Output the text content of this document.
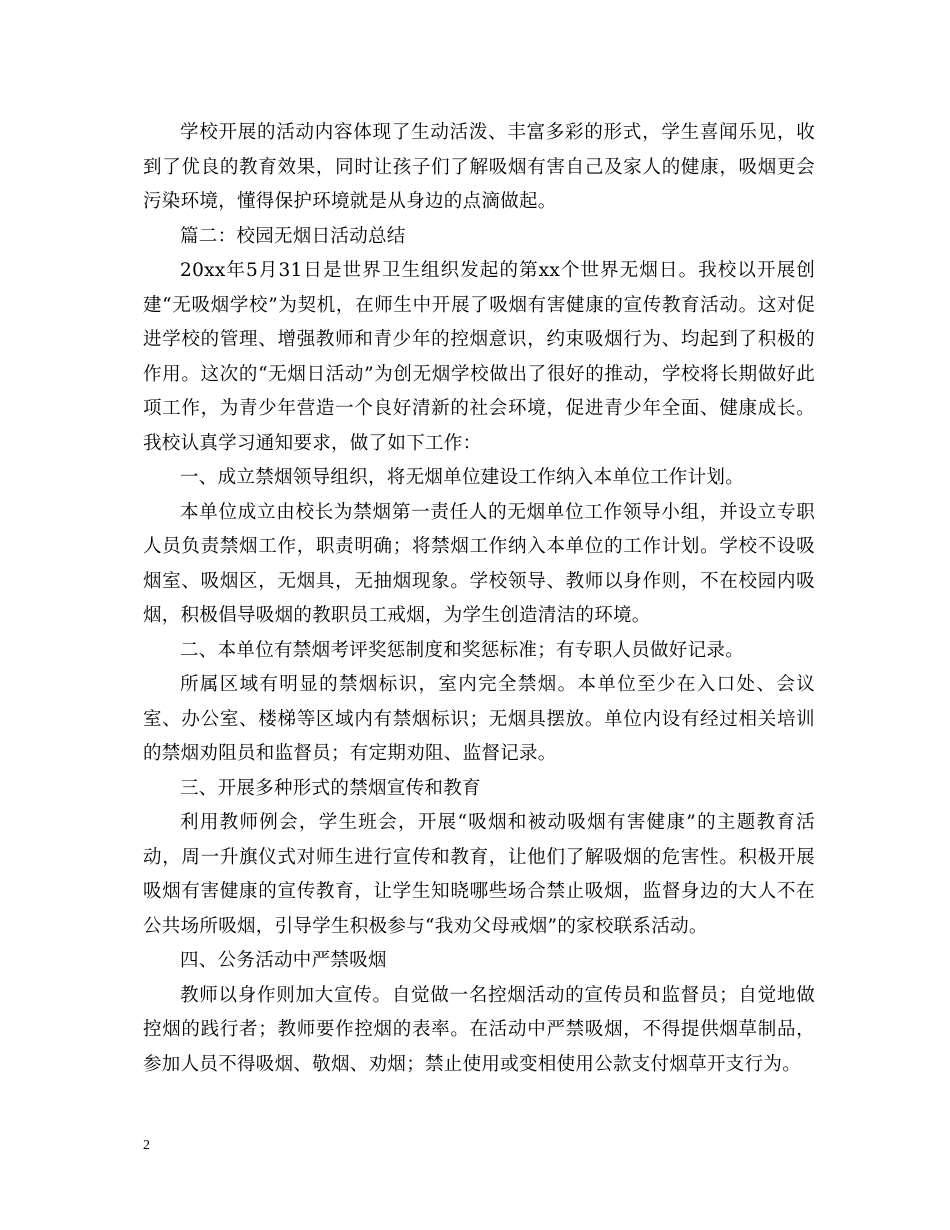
学校开展的活动内容体现了生动活泼、丰富多彩的形式，学生喜闻乐见，收到了优良的教育效果，同时让孩子们了解吸烟有害自己及家人的健康，吸烟更会污染环境，懂得保护环境就是从身边的点滴做起。

篇二：校园无烟日活动总结

20xx年5月31日是世界卫生组织发起的第xx个世界无烟日。我校以开展创建“无吸烟学校”为契机，在师生中开展了吸烟有害健康的宣传教育活动。这对促进学校的管理、增强教师和青少年的控烟意识，约束吸烟行为、均起到了积极的作用。这次的“无烟日活动”为创无烟学校做出了很好的推动，学校将长期做好此项工作，为青少年营造一个良好清新的社会环境，促进青少年全面、健康成长。我校认真学习通知要求，做了如下工作：

一、成立禁烟领导组织，将无烟单位建设工作纳入本单位工作计划。

本单位成立由校长为禁烟第一责任人的无烟单位工作领导小组，并设立专职人员负责禁烟工作，职责明确；将禁烟工作纳入本单位的工作计划。学校不设吸烟室、吸烟区，无烟具，无抽烟现象。学校领导、教师以身作则，不在校园内吸烟，积极倡导吸烟的教职员工戒烟，为学生创造清洁的环境。

二、本单位有禁烟考评奖惩制度和奖惩标准；有专职人员做好记录。

所属区域有明显的禁烟标识，室内完全禁烟。本单位至少在入口处、会议室、办公室、楼梯等区域内有禁烟标识；无烟具摆放。单位内设有经过相关培训的禁烟劝阻员和监督员；有定期劝阻、监督记录。

三、开展多种形式的禁烟宣传和教育

利用教师例会，学生班会，开展“吸烟和被动吸烟有害健康”的主题教育活动，周一升旗仪式对师生进行宣传和教育，让他们了解吸烟的危害性。积极开展吸烟有害健康的宣传教育，让学生知晓哪些场合禁止吸烟，监督身边的大人不在公共场所吸烟，引导学生积极参与“我劝父母戒烟”的家校联系活动。

四、公务活动中严禁吸烟

教师以身作则加大宣传。自觉做一名控烟活动的宣传员和监督员；自觉地做控烟的践行者；教师要作控烟的表率。在活动中严禁吸烟，不得提供烟草制品，参加人员不得吸烟、敬烟、劝烟；禁止使用或变相使用公款支付烟草开支行为。

2
